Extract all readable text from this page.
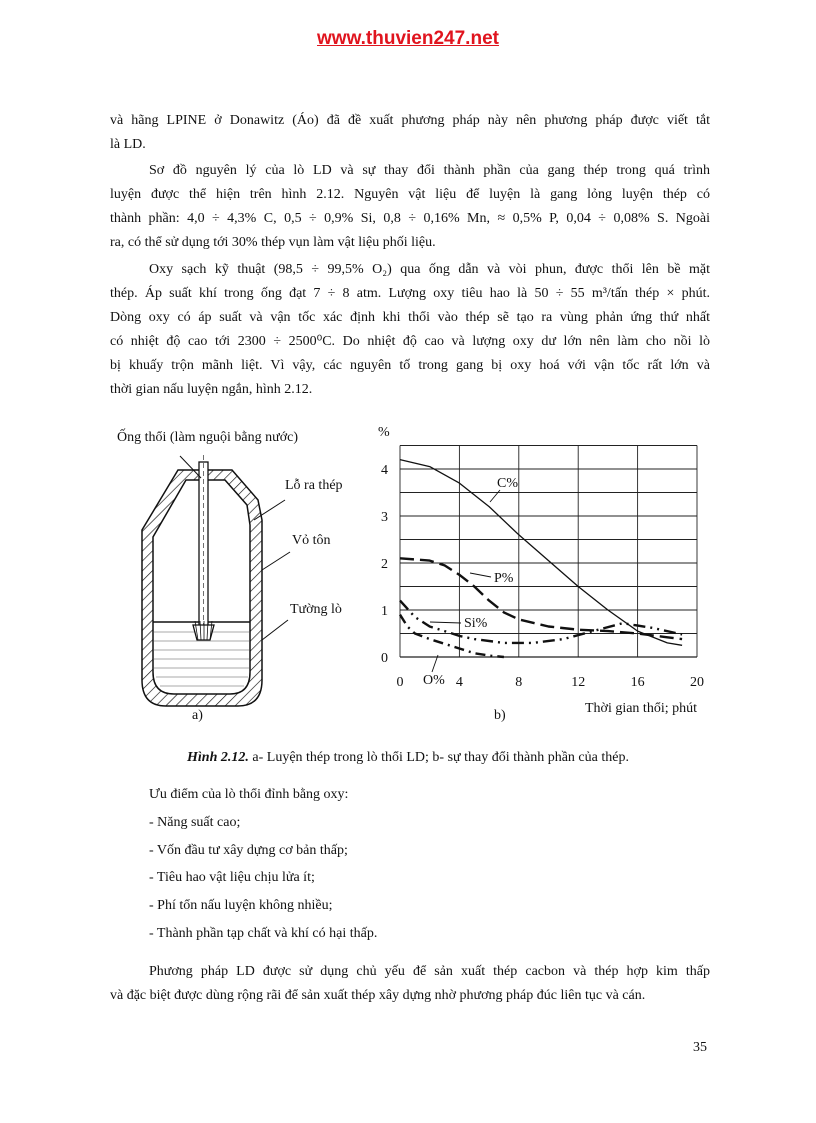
www.thuvien247.net
và hãng LPINE ở Donawitz (Áo) đã đề xuất phương pháp này nên phương pháp được viết tắt
là LD.
Sơ đồ nguyên lý của lò LD và sự thay đổi thành phần của gang thép trong quá trình
luyện được thể hiện trên hình 2.12. Nguyên vật liệu để luyện là gang lỏng luyện thép có
thành phần: 4,0 ÷ 4,3% C, 0,5 ÷ 0,9% Si, 0,8 ÷ 0,16% Mn, ≈ 0,5% P, 0,04 ÷ 0,08% S. Ngoài
ra, có thể sử dụng tới 30% thép vụn làm vật liệu phối liệu.
Oxy sạch kỹ thuật (98,5 ÷ 99,5% O₂) qua ống dẫn và vòi phun, được thổi lên bề mặt
thép. Áp suất khí trong ống đạt 7 ÷ 8 atm. Lượng oxy tiêu hao là 50 ÷ 55 m³/tấn thép × phút.
Dòng oxy có áp suất và vận tốc xác định khi thổi vào thép sẽ tạo ra vùng phản ứng thứ nhất
có nhiệt độ cao tới 2300 ÷ 2500⁰C. Do nhiệt độ cao và lượng oxy dư lớn nên làm cho nồi lò
bị khuấy trộn mãnh liệt. Vì vậy, các nguyên tố trong gang bị oxy hoá với vận tốc rất lớn và
thời gian nấu luyện ngắn, hình 2.12.
Ống thổi (làm nguội bằng nước)
Lỗ ra thép
Vỏ tôn
Tường lò
a)	b)
%
0	4	8	12	16	20
0
1
2
3
4
Thời gian thổi; phút
C%
P%
Si%
O%
Hình 2.12. a- Luyện thép trong lò thổi LD; b- sự thay đổi thành phần của thép.
Ưu điểm của lò thổi đỉnh bằng oxy:
- Năng suất cao;
- Vốn đầu tư xây dựng cơ bản thấp;
- Tiêu hao vật liệu chịu lửa ít;
- Phí tổn nấu luyện không nhiều;
- Thành phần tạp chất và khí có hại thấp.
Phương pháp LD được sử dụng chủ yếu để sản xuất thép cacbon và thép hợp kim thấp
và đặc biệt được dùng rộng rãi để sản xuất thép xây dựng nhờ phương pháp đúc liên tục và cán.
35
